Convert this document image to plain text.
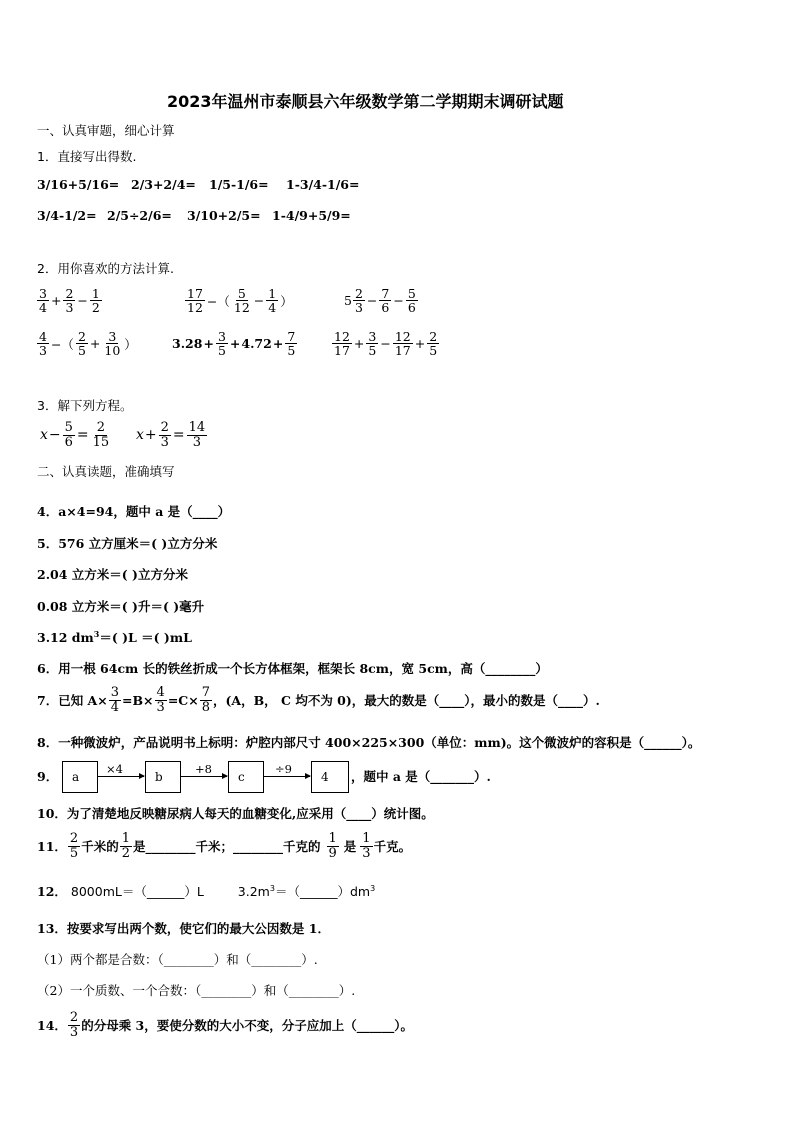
2023年温州市泰顺县六年级数学第二学期期末调研试题
一、认真审题，细心计算
1．直接写出得数.
3/16+5/16= 2/3+2/4= 1/5-1/6= 1-3/4-1/6=
3/4-1/2= 2/5÷2/6= 3/10+2/5= 1-4/9+5/9=
2．用你喜欢的方法计算.
$\frac{3}{4} + \frac{2}{3} - \frac{1}{2}$	$\frac{17}{12}$ −（ $\frac{5}{12} - \frac{1}{4}$ ）	$5 \frac{2}{3} - \frac{7}{6} - \frac{5}{6}$
$\frac{4}{3}$ −（ $\frac{2}{5} + \frac{3}{10}$ ）	$3.28 + \frac{3}{5} + 4.72 + \frac{7}{5}$	$\frac{12}{17} + \frac{3}{5} - \frac{12}{17} + \frac{2}{5}$
3．解下列方程。
$x - \frac{5}{6} = \frac{2}{15}$ $x + \frac{2}{3} = \frac{14}{3}$
二、认真读题，准确填写
4．a×4=94，题中 a 是（____）
5．576 立方厘米＝( )立方分米
2.04 立方米＝( )立方分米
0.08 立方米＝( )升＝( )毫升
3.12 $dm^3=$( )L ＝( )mL
6．用一根 64cm 长的铁丝折成一个长方体框架，框架长 8cm，宽 5cm，高（________）
7．已知 $A\times \frac{3}{4} =B\times \frac{4}{3} =C\times \frac{7}{8}$ ，(A，B， C 均不为 0)，最大的数是（____），最小的数是（____）.
8．一种微波炉，产品说明书上标明：炉腔内部尺寸 400×225×300（单位：mm)。这个微波炉的容积是（______）。
9． a
×4
b
+8
c
÷9
4 ，题中 a 是（_______）.
10．为了清楚地反映糖尿病人每天的血糖变化,应采用（____）统计图。
11． $\frac{2}{5}$ 千米的 $\frac{1}{2}$ 是________千米；________千克的 $\frac{1}{9}$ 是 $\frac{1}{3}$ 千克。
12． 8000mL＝（______）L	$3.2m^3=(\_\_\_\_\_\_)dm^3$
13．按要求写出两个数，使它们的最大公因数是 1．
（1）两个都是合数：（________）和（________）.
（2）一个质数、一个合数：（________）和（________）.
14． $\frac{2}{3}$ 的分母乘 3，要使分数的大小不变，分子应加上（______）。
